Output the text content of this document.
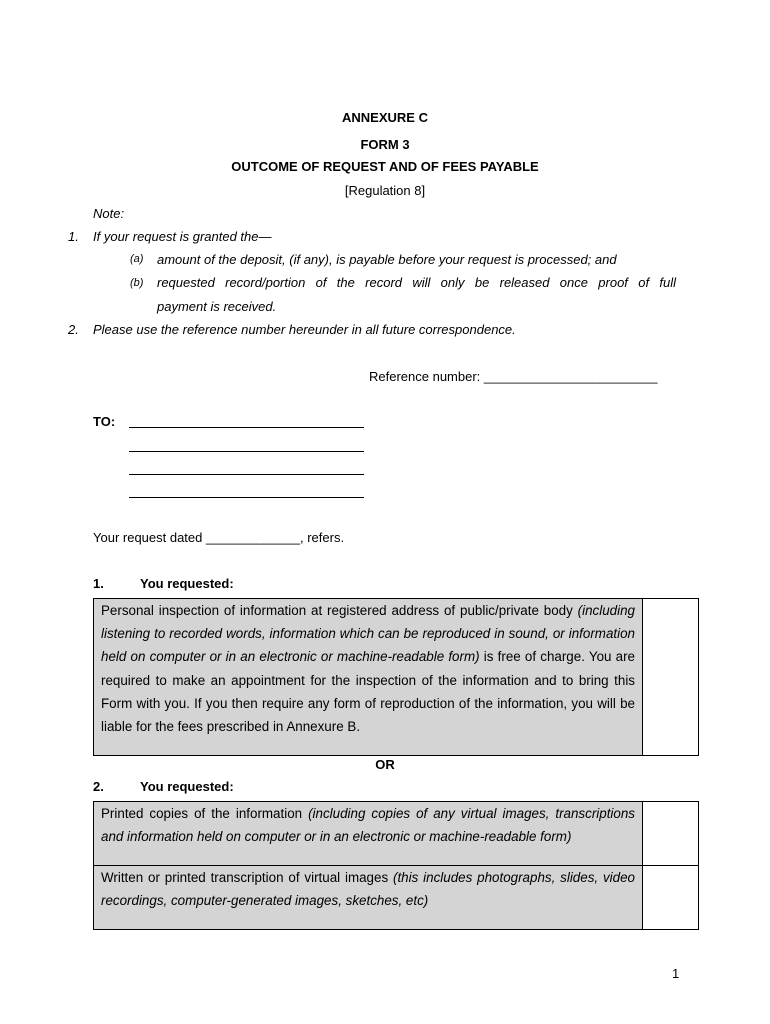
ANNEXURE C
FORM 3
OUTCOME OF REQUEST AND OF FEES PAYABLE
[Regulation 8]
Note:
1. If your request is granted the—
(a) amount of the deposit, (if any), is payable before your request is processed; and
(b) requested record/portion of the record will only be released once proof of full
payment is received.
2. Please use the reference number hereunder in all future correspondence.
Reference number: ________________________
TO:
Your request dated _____________, refers.
1.	You requested:
Personal inspection of information at registered address of public/private body (including listening to recorded words, information which can be reproduced in sound, or information held on computer or in an electronic or machine-readable form) is free of charge. You are required to make an appointment for the inspection of the information and to bring this Form with you. If you then require any form of reproduction of the information, you will be liable for the fees prescribed in Annexure B.
OR
2.	You requested:
Printed copies of the information (including copies of any virtual images, transcriptions and information held on computer or in an electronic or machine-readable form)
Written or printed transcription of virtual images (this includes photographs, slides, video recordings, computer-generated images, sketches, etc)
1
